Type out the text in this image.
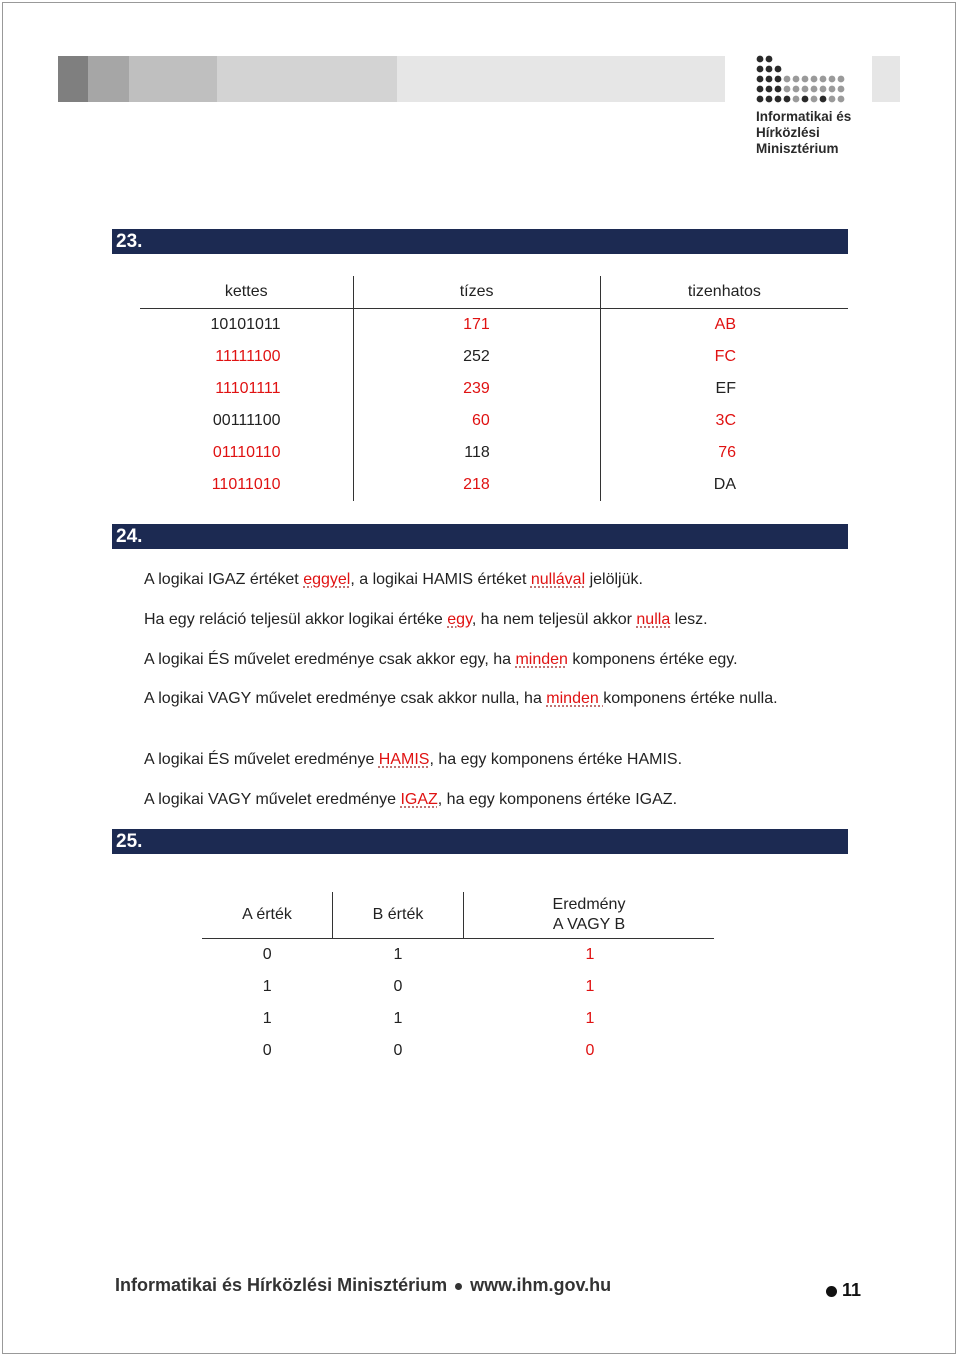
Informatikai és
Hírközlési
Minisztérium
23.
kettes	tízes	tizenhatos
10101011	171	AB
11111100	252	FC
11101111	239	EF
00111100	60	3C
01110110	118	76
11011010	218	DA
24.
A logikai IGAZ értéket eggyel, a logikai HAMIS értéket nullával jelöljük.
Ha egy reláció teljesül akkor logikai értéke egy, ha nem teljesül akkor nulla lesz.
A logikai ÉS művelet eredménye csak akkor egy, ha minden komponens értéke egy.
A logikai VAGY művelet eredménye csak akkor nulla, ha minden komponens értéke nulla.
A logikai ÉS művelet eredménye HAMIS, ha egy komponens értéke HAMIS.
A logikai VAGY művelet eredménye IGAZ, ha egy komponens értéke IGAZ.
25.
A érték	B érték	Eredmény
A VAGY B

0	1	1
1	0	1
1	1	1
0	0	0
Informatikai és Hírközlési Minisztérium www.ihm.gov.hu	11
